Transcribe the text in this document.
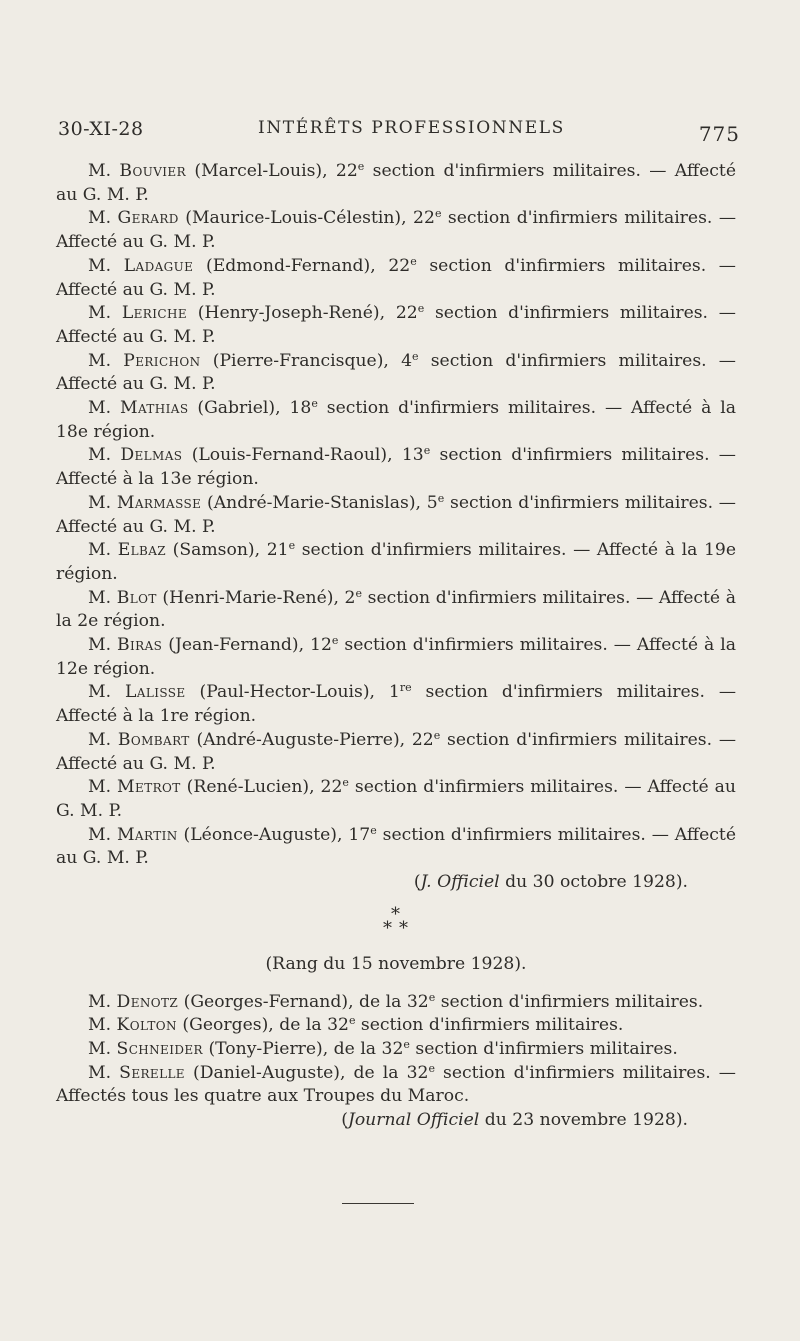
30-XI-28	INTÉRÊTS PROFESSIONNELS	775

M. Bouvier (Marcel-Louis), 22e section d'infirmiers militaires. — Affecté au G. M. P.

M. Gerard (Maurice-Louis-Célestin), 22e section d'infirmiers militaires. — Affecté au G. M. P.

M. Ladague (Edmond-Fernand), 22e section d'infirmiers militaires. — Affecté au G. M. P.

M. Leriche (Henry-Joseph-René), 22e section d'infirmiers militaires. — Affecté au G. M. P.

M. Perichon (Pierre-Francisque), 4e section d'infirmiers militaires. — Affecté au G. M. P.

M. Mathias (Gabriel), 18e section d'infirmiers militaires. — Affecté à la 18e région.

M. Delmas (Louis-Fernand-Raoul), 13e section d'infirmiers militaires. — Affecté à la 13e région.

M. Marmasse (André-Marie-Stanislas), 5e section d'infirmiers militaires. — Affecté au G. M. P.

M. Elbaz (Samson), 21e section d'infirmiers militaires. — Affecté à la 19e région.

M. Blot (Henri-Marie-René), 2e section d'infirmiers militaires. — Affecté à la 2e région.

M. Biras (Jean-Fernand), 12e section d'infirmiers militaires. — Affecté à la 12e région.

M. Lalisse (Paul-Hector-Louis), 1re section d'infirmiers militaires. — Affecté à la 1re région.

M. Bombart (André-Auguste-Pierre), 22e section d'infirmiers militaires. — Affecté au G. M. P.

M. Metrot (René-Lucien), 22e section d'infirmiers militaires. — Affecté au G. M. P.

M. Martin (Léonce-Auguste), 17e section d'infirmiers militaires. — Affecté au G. M. P.

(J. Officiel du 30 octobre 1928).

*
* *

(Rang du 15 novembre 1928).

M. Denotz (Georges-Fernand), de la 32e section d'infirmiers militaires.

M. Kolton (Georges), de la 32e section d'infirmiers militaires.

M. Schneider (Tony-Pierre), de la 32e section d'infirmiers militaires.

M. Serelle (Daniel-Auguste), de la 32e section d'infirmiers militaires. — Affectés tous les quatre aux Troupes du Maroc.

(Journal Officiel du 23 novembre 1928).
